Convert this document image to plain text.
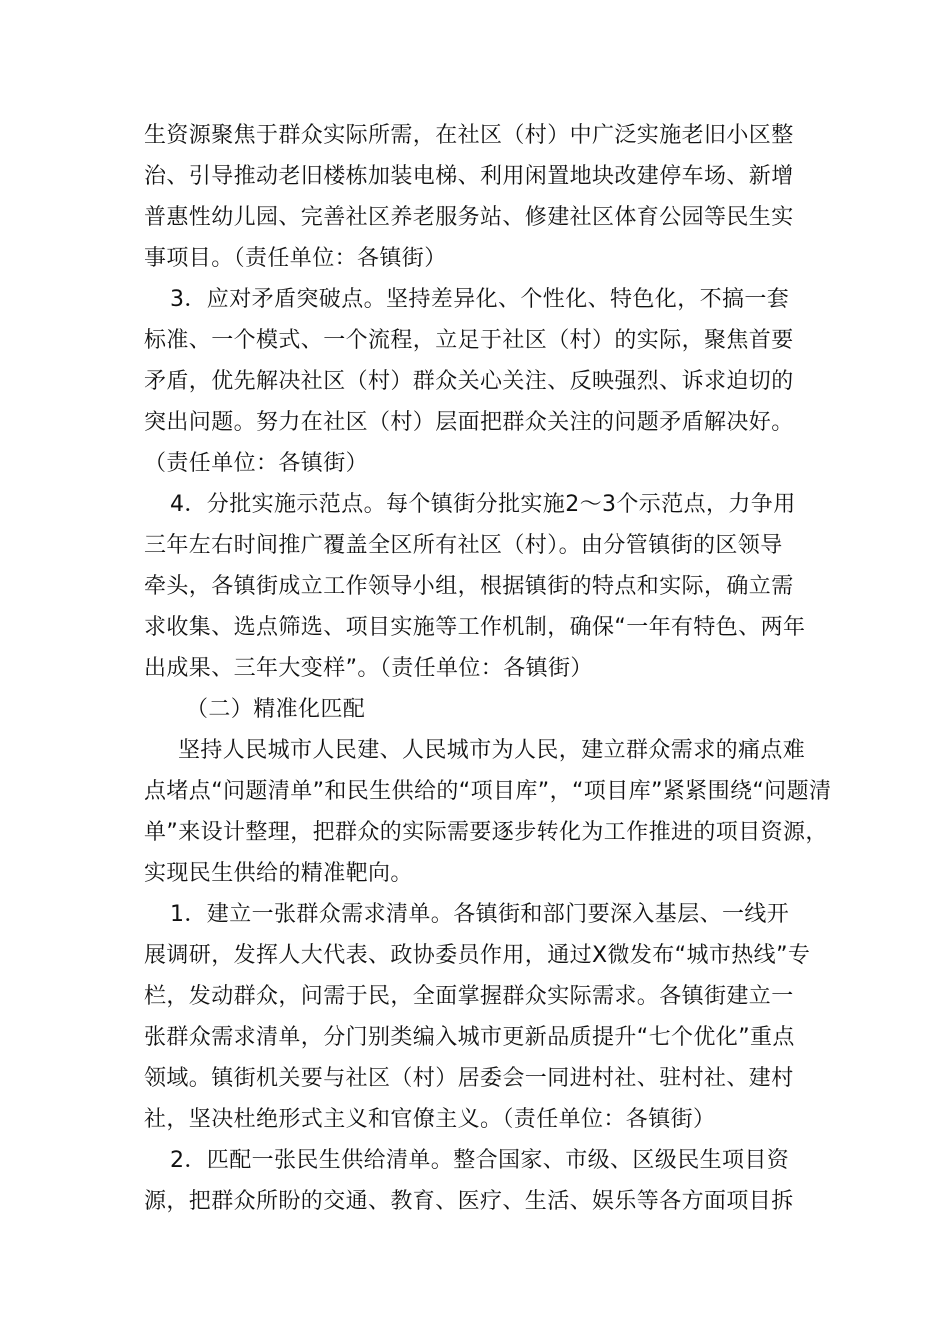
生资源聚焦于群众实际所需，在社区（村）中广泛实施老旧小区整
治、引导推动老旧楼栋加装电梯、利用闲置地块改建停车场、新增
普惠性幼儿园、完善社区养老服务站、修建社区体育公园等民生实
事项目。（责任单位：各镇街）
3．应对矛盾突破点。坚持差异化、个性化、特色化，不搞一套
标准、一个模式、一个流程，立足于社区（村）的实际，聚焦首要
矛盾，优先解决社区（村）群众关心关注、反映强烈、诉求迫切的
突出问题。努力在社区（村）层面把群众关注的问题矛盾解决好。
（责任单位：各镇街）
4．分批实施示范点。每个镇街分批实施2～3个示范点，力争用
三年左右时间推广覆盖全区所有社区（村）。由分管镇街的区领导
牵头，各镇街成立工作领导小组，根据镇街的特点和实际，确立需
求收集、选点筛选、项目实施等工作机制，确保“一年有特色、两年
出成果、三年大变样”。（责任单位：各镇街）
（二）精准化匹配
坚持人民城市人民建、人民城市为人民，建立群众需求的痛点难
点堵点“问题清单”和民生供给的“项目库”，“项目库”紧紧围绕“问题清
单”来设计整理，把群众的实际需要逐步转化为工作推进的项目资源，
实现民生供给的精准靶向。
1．建立一张群众需求清单。各镇街和部门要深入基层、一线开
展调研，发挥人大代表、政协委员作用，通过X微发布“城市热线”专
栏，发动群众，问需于民，全面掌握群众实际需求。各镇街建立一
张群众需求清单，分门别类编入城市更新品质提升“七个优化”重点
领域。镇街机关要与社区（村）居委会一同进村社、驻村社、建村
社，坚决杜绝形式主义和官僚主义。（责任单位：各镇街）
2．匹配一张民生供给清单。整合国家、市级、区级民生项目资
源，把群众所盼的交通、教育、医疗、生活、娱乐等各方面项目拆
